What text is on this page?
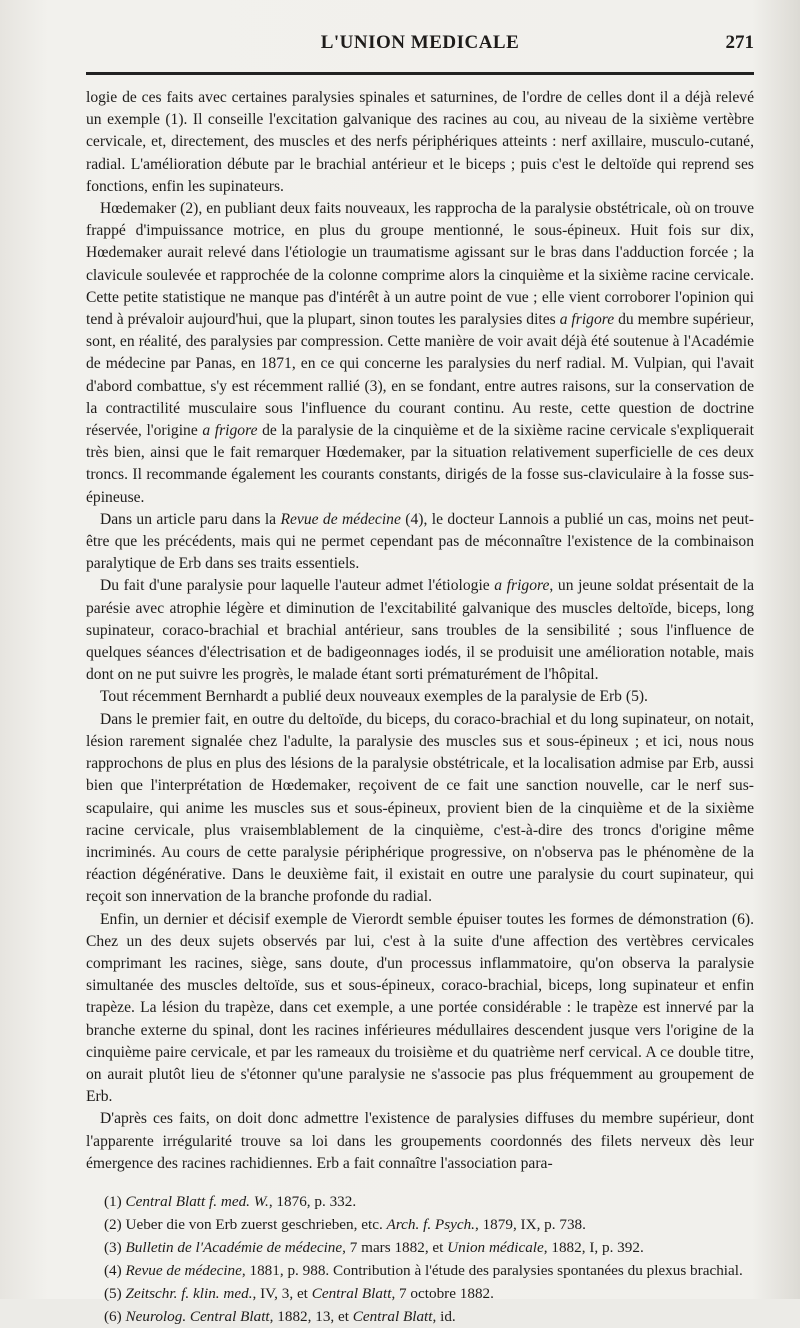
L'UNION MEDICALE	271

logie de ces faits avec certaines paralysies spinales et saturnines, de l'ordre de celles dont il a déjà relevé un exemple (1). Il conseille l'excitation galvanique des racines au cou, au niveau de la sixième vertèbre cervicale, et, directement, des muscles et des nerfs périphériques atteints : nerf axillaire, musculo-cutané, radial. L'amélioration débute par le brachial antérieur et le biceps ; puis c'est le deltoïde qui reprend ses fonctions, enfin les supinateurs.

Hœdemaker (2), en publiant deux faits nouveaux, les rapprocha de la paralysie obstétricale, où on trouve frappé d'impuissance motrice, en plus du groupe mentionné, le sous-épineux. Huit fois sur dix, Hœdemaker aurait relevé dans l'étiologie un traumatisme agissant sur le bras dans l'adduction forcée ; la clavicule soulevée et rapprochée de la colonne comprime alors la cinquième et la sixième racine cervicale. Cette petite statistique ne manque pas d'intérêt à un autre point de vue ; elle vient corroborer l'opinion qui tend à prévaloir aujourd'hui, que la plupart, sinon toutes les paralysies dites a frigore du membre supérieur, sont, en réalité, des paralysies par compression. Cette manière de voir avait déjà été soutenue à l'Académie de médecine par Panas, en 1871, en ce qui concerne les paralysies du nerf radial. M. Vulpian, qui l'avait d'abord combattue, s'y est récemment rallié (3), en se fondant, entre autres raisons, sur la conservation de la contractilité musculaire sous l'influence du courant continu. Au reste, cette question de doctrine réservée, l'origine a frigore de la paralysie de la cinquième et de la sixième racine cervicale s'expliquerait très bien, ainsi que le fait remarquer Hœdemaker, par la situation relativement superficielle de ces deux troncs. Il recommande également les courants constants, dirigés de la fosse sus-claviculaire à la fosse sus-épineuse.

Dans un article paru dans la Revue de médecine (4), le docteur Lannois a publié un cas, moins net peut-être que les précédents, mais qui ne permet cependant pas de méconnaître l'existence de la combinaison paralytique de Erb dans ses traits essentiels.

Du fait d'une paralysie pour laquelle l'auteur admet l'étiologie a frigore, un jeune soldat présentait de la parésie avec atrophie légère et diminution de l'excitabilité galvanique des muscles deltoïde, biceps, long supinateur, coraco-brachial et brachial antérieur, sans troubles de la sensibilité ; sous l'influence de quelques séances d'électrisation et de badigeonnages iodés, il se produisit une amélioration notable, mais dont on ne put suivre les progrès, le malade étant sorti prématurément de l'hôpital.

Tout récemment Bernhardt a publié deux nouveaux exemples de la paralysie de Erb (5).

Dans le premier fait, en outre du deltoïde, du biceps, du coraco-brachial et du long supinateur, on notait, lésion rarement signalée chez l'adulte, la paralysie des muscles sus et sous-épineux ; et ici, nous nous rapprochons de plus en plus des lésions de la paralysie obstétricale, et la localisation admise par Erb, aussi bien que l'interprétation de Hœdemaker, reçoivent de ce fait une sanction nouvelle, car le nerf sus-scapulaire, qui anime les muscles sus et sous-épineux, provient bien de la cinquième et de la sixième racine cervicale, plus vraisemblablement de la cinquième, c'est-à-dire des troncs d'origine même incriminés. Au cours de cette paralysie périphérique progressive, on n'observa pas le phénomène de la réaction dégénérative. Dans le deuxième fait, il existait en outre une paralysie du court supinateur, qui reçoit son innervation de la branche profonde du radial.

Enfin, un dernier et décisif exemple de Vierordt semble épuiser toutes les formes de démonstration (6). Chez un des deux sujets observés par lui, c'est à la suite d'une affection des vertèbres cervicales comprimant les racines, siège, sans doute, d'un processus inflammatoire, qu'on observa la paralysie simultanée des muscles deltoïde, sus et sous-épineux, coraco-brachial, biceps, long supinateur et enfin trapèze. La lésion du trapèze, dans cet exemple, a une portée considérable : le trapèze est innervé par la branche externe du spinal, dont les racines inférieures médullaires descendent jusque vers l'origine de la cinquième paire cervicale, et par les rameaux du troisième et du quatrième nerf cervical. A ce double titre, on aurait plutôt lieu de s'étonner qu'une paralysie ne s'associe pas plus fréquemment au groupement de Erb.

D'après ces faits, on doit donc admettre l'existence de paralysies diffuses du membre supérieur, dont l'apparente irrégularité trouve sa loi dans les groupements coordonnés des filets nerveux dès leur émergence des racines rachidiennes. Erb a fait connaître l'association para-

(1) Central Blatt f. med. W., 1876, p. 332.
(2) Ueber die von Erb zuerst geschrieben, etc. Arch. f. Psych., 1879, IX, p. 738.
(3) Bulletin de l'Académie de médecine, 7 mars 1882, et Union médicale, 1882, I, p. 392.
(4) Revue de médecine, 1881, p. 988. Contribution à l'étude des paralysies spontanées du plexus brachial.
(5) Zeitschr. f. klin. med., IV, 3, et Central Blatt, 7 octobre 1882.
(6) Neurolog. Central Blatt, 1882, 13, et Central Blatt, id.
